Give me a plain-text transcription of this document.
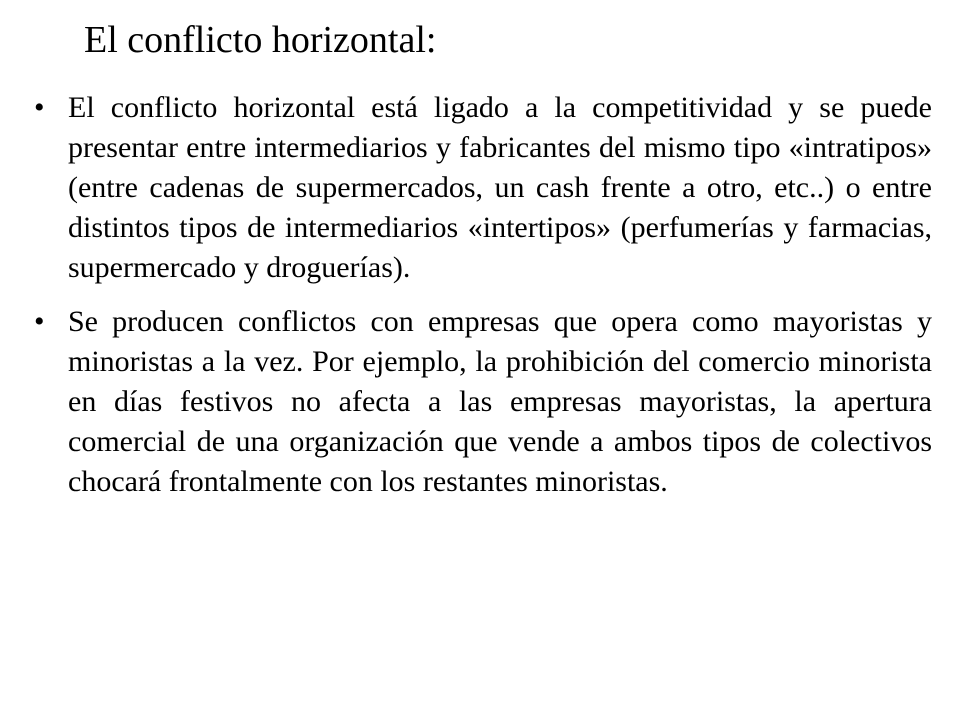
El conflicto horizontal:
• El conflicto horizontal está ligado a la competitividad y se puede presentar entre intermediarios y fabricantes del mismo tipo «intratipos» (entre cadenas de supermercados, un cash frente a otro, etc..) o entre distintos tipos de intermediarios «intertipos» (perfumerías y farmacias, supermercado y droguerías).
• Se producen conflictos con empresas que opera como mayoristas y minoristas a la vez. Por ejemplo, la prohibición del comercio minorista en días festivos no afecta a las empresas mayoristas, la apertura comercial de una organización que vende a ambos tipos de colectivos chocará frontalmente con los restantes minoristas.
